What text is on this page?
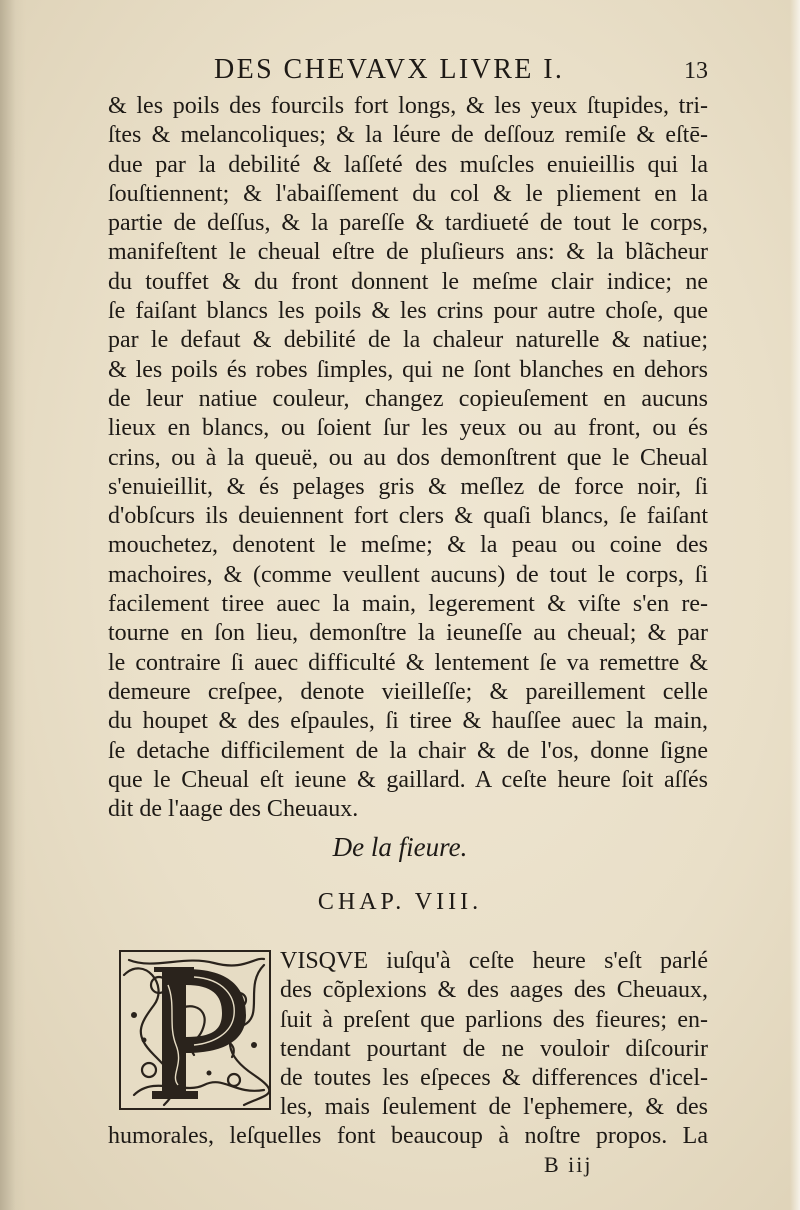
DES CHEVAVX LIVRE I.	13
& les poils des fourcils fort longs, & les yeux ſtupides, tri-
ſtes & melancoliques; & la léure de deſſouz remiſe & eſtē-
due par la debilité & laſſeté des muſcles enuieillis qui la
ſouſtiennent; & l'abaiſſement du col & le pliement en la
partie de deſſus, & la pareſſe & tardiueté de tout le corps,
manifeſtent le cheual eſtre de pluſieurs ans: & la blãcheur
du touffet & du front donnent le meſme clair indice; ne
ſe faiſant blancs les poils & les crins pour autre choſe, que
par le defaut & debilité de la chaleur naturelle & natiue;
& les poils és robes ſimples, qui ne ſont blanches en dehors
de leur natiue couleur, changez copieuſement en aucuns
lieux en blancs, ou ſoient ſur les yeux ou au front, ou és
crins, ou à la queuë, ou au dos demonſtrent que le Cheual
s'enuieillit, & és pelages gris & meſlez de force noir, ſi
d'obſcurs ils deuiennent fort clers & quaſi blancs, ſe faiſant
mouchetez, denotent le meſme; & la peau ou coine des
machoires, & (comme veullent aucuns) de tout le corps, ſi
facilement tiree auec la main, legerement & viſte s'en re-
tourne en ſon lieu, demonſtre la ieuneſſe au cheual; & par
le contraire ſi auec difficulté & lentement ſe va remettre &
demeure creſpee, denote vieilleſſe; & pareillement celle
du houpet & des eſpaules, ſi tiree & hauſſee auec la main,
ſe detache difficilement de la chair & de l'os, donne ſigne
que le Cheual eſt ieune & gaillard. A ceſte heure ſoit aſſés
dit de l'aage des Cheuaux.
De la fieure.
CHAP. VIII.
VISQVE iuſqu'à ceſte heure s'eſt parlé
des cõplexions & des aages des Cheuaux,
ſuit à preſent que parlions des fieures; en-
tendant pourtant de ne vouloir diſcourir
de toutes les eſpeces & differences d'icel-
les, mais ſeulement de l'ephemere, & des
humorales, leſquelles font beaucoup à noſtre propos. La
B iij
